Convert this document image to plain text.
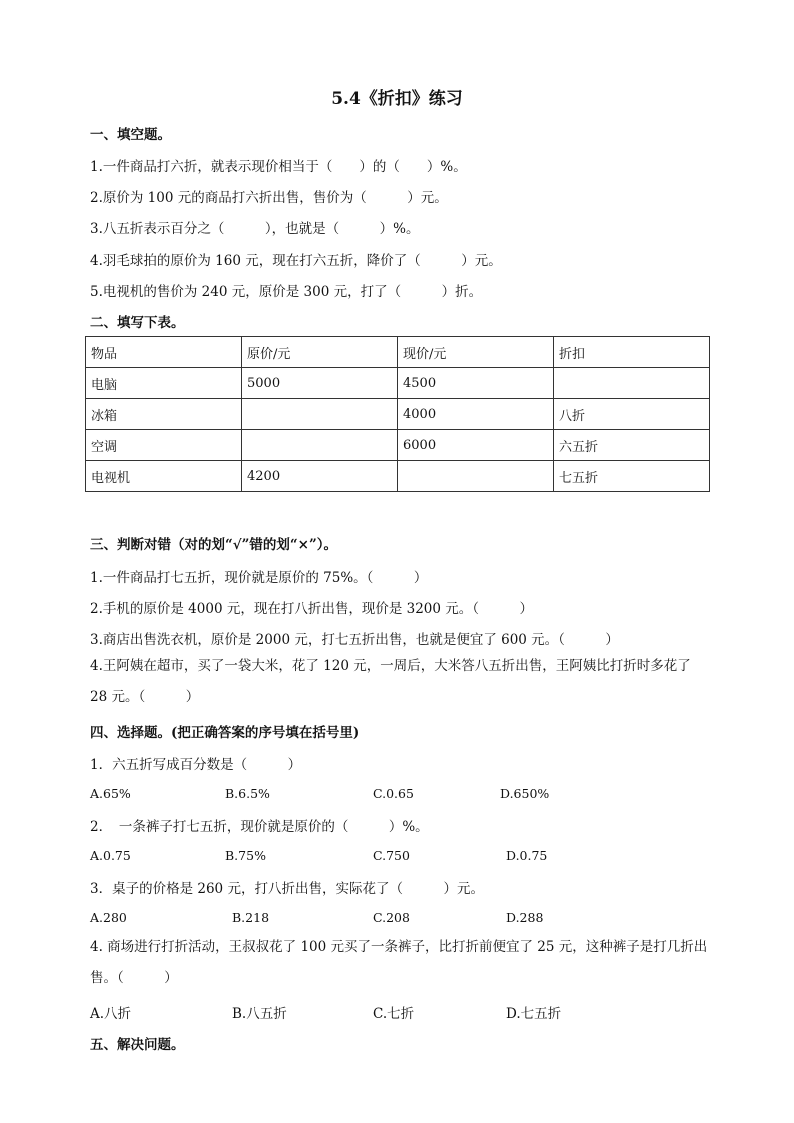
5.4《折扣》练习
一、填空题。
1.一件商品打六折，就表示现价相当于（　　）的（　　）%。
2.原价为 100 元的商品打六折出售，售价为（　　　）元。
3.八五折表示百分之（　　　），也就是（　　　）%。
4.羽毛球拍的原价为 160 元，现在打六五折，降价了（　　　）元。
5.电视机的售价为 240 元，原价是 300 元，打了（　　　）折。
二、填写下表。
物品	原价/元	现价/元	折扣
电脑	5000	4500	
冰箱		4000	八折
空调		6000	六五折
电视机	4200		七五折
三、判断对错（对的划“√”错的划“×”）。
1.一件商品打七五折，现价就是原价的 75%。（　　　）
2.手机的原价是 4000 元，现在打八折出售，现价是 3200 元。（　　　）
3.商店出售洗衣机，原价是 2000 元，打七五折出售，也就是便宜了 600 元。（　　　）
4.王阿姨在超市，买了一袋大米，花了 120 元，一周后，大米答八五折出售，王阿姨比打折时多花了 28 元。（　　　）
四、选择题。(把正确答案的序号填在括号里)
1．六五折写成百分数是（　　　）
A.65%	B.6.5%	C.0.65	D.650%
2．　一条裤子打七五折，现价就是原价的（　　　）%。
A.0.75	B.75%	C.750	D.0.75
3．桌子的价格是 260 元，打八折出售，实际花了（　　　）元。
A.280	B.218	C.208	D.288
4. 商场进行打折活动，王叔叔花了 100 元买了一条裤子，比打折前便宜了 25 元，这种裤子是打几折出售。（　　　）
A.八折	B.八五折	C.七折	D.七五折
五、解决问题。
